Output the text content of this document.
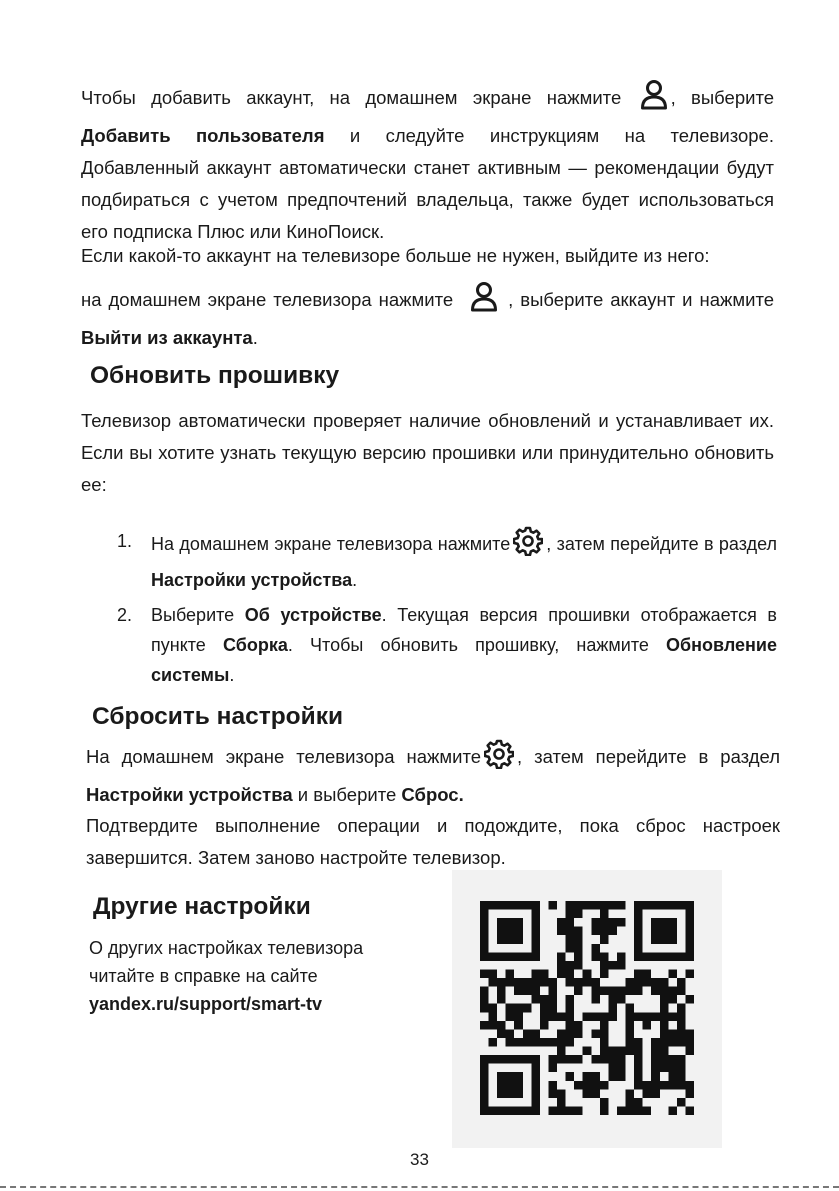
Чтобы добавить аккаунт, на домашнем экране нажмите	, выберите Добавить пользователя и следуйте инструкциям на телевизоре. Добавленный аккаунт автоматически станет активным — рекомендации будут подбираться с учетом предпочтений владельца, также будет использоваться его подписка Плюс или КиноПоиск.

Если какой-то аккаунт на телевизоре больше не нужен, выйдите из него:

на домашнем экране телевизора нажмите	, выберите аккаунт и нажмите Выйти из аккаунта.

Обновить прошивку

Телевизор автоматически проверяет наличие обновлений и устанавливает их. Если вы хотите узнать текущую версию прошивки или принудительно обновить ее:

1.	На домашнем экране телевизора нажмите , затем перейдите в раздел Настройки устройства.
2.	Выберите Об устройстве. Текущая версия прошивки отображается в пункте Сборка. Чтобы обновить прошивку, нажмите Обновление системы.
Сбросить настройки

На домашнем экране телевизора нажмите , затем перейдите в раздел Настройки устройства и выберите Сброс.

Подтвердите выполнение операции и подождите, пока сброс настроек завершится. Затем заново настройте телевизор.

Другие настройки
О других настройках телевизора читайте в справке на сайте
yandex.ru/support/smart-tv
33
